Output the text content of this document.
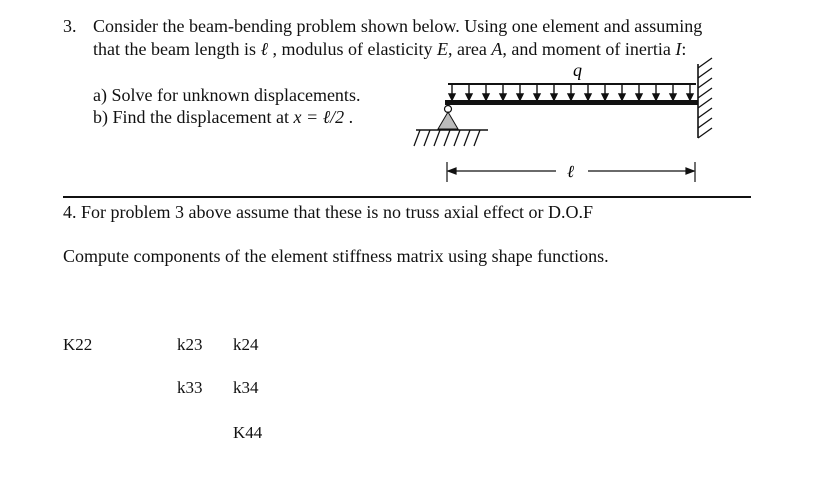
3. Consider the beam-bending problem shown below. Using one element and assuming
that the beam length is ℓ , modulus of elasticity E, area A, and moment of inertia I:
a) Solve for unknown displacements.
b) Find the displacement at x = ℓ/2 .
q
ℓ
4. For problem 3 above assume that these is no truss axial effect or D.O.F
Compute components of the element stiffness matrix using shape functions.
K22	k23 k24
k33 k34
K44
